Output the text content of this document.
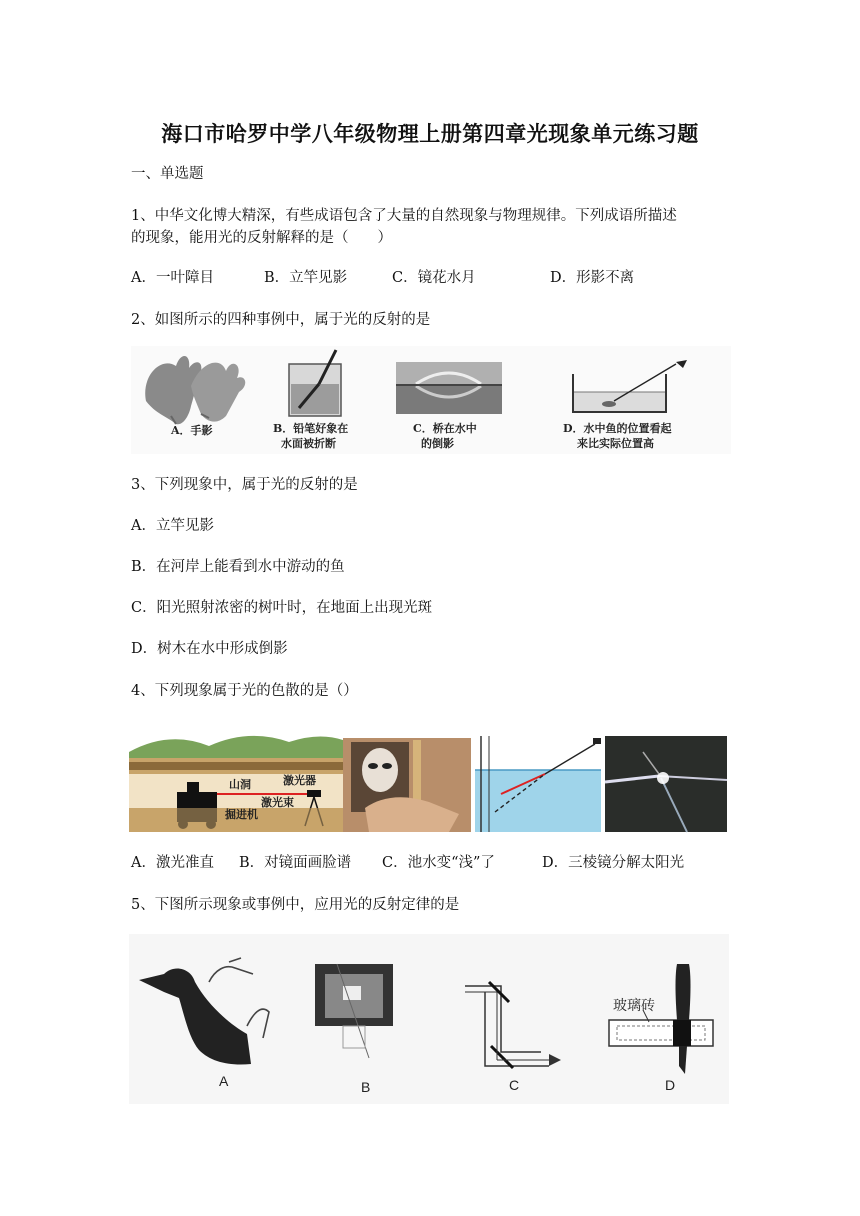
海口市哈罗中学八年级物理上册第四章光现象单元练习题
一、单选题
1、中华文化博大精深，有些成语包含了大量的自然现象与物理规律。下列成语所描述
的现象，能用光的反射解释的是（　　）
A．一叶障目	B．立竿见影	C．镜花水月	D．形影不离
2、如图所示的四种事例中，属于光的反射的是
A．手影	B．铅笔好象在
水面被折断
C．桥在水中
的倒影
D．水中鱼的位置看起
来比实际位置高
3、下列现象中，属于光的反射的是
A．立竿见影
B．在河岸上能看到水中游动的鱼
C．阳光照射浓密的树叶时，在地面上出现光斑
D．树木在水中形成倒影
4、下列现象属于光的色散的是（）
山洞	激光器
激光束
掘进机
A．激光准直 B．对镜面画脸谱 C．池水变“浅”了	D．三棱镜分解太阳光
5、下图所示现象或事例中，应用光的反射定律的是
A	B	C
玻璃砖
D
